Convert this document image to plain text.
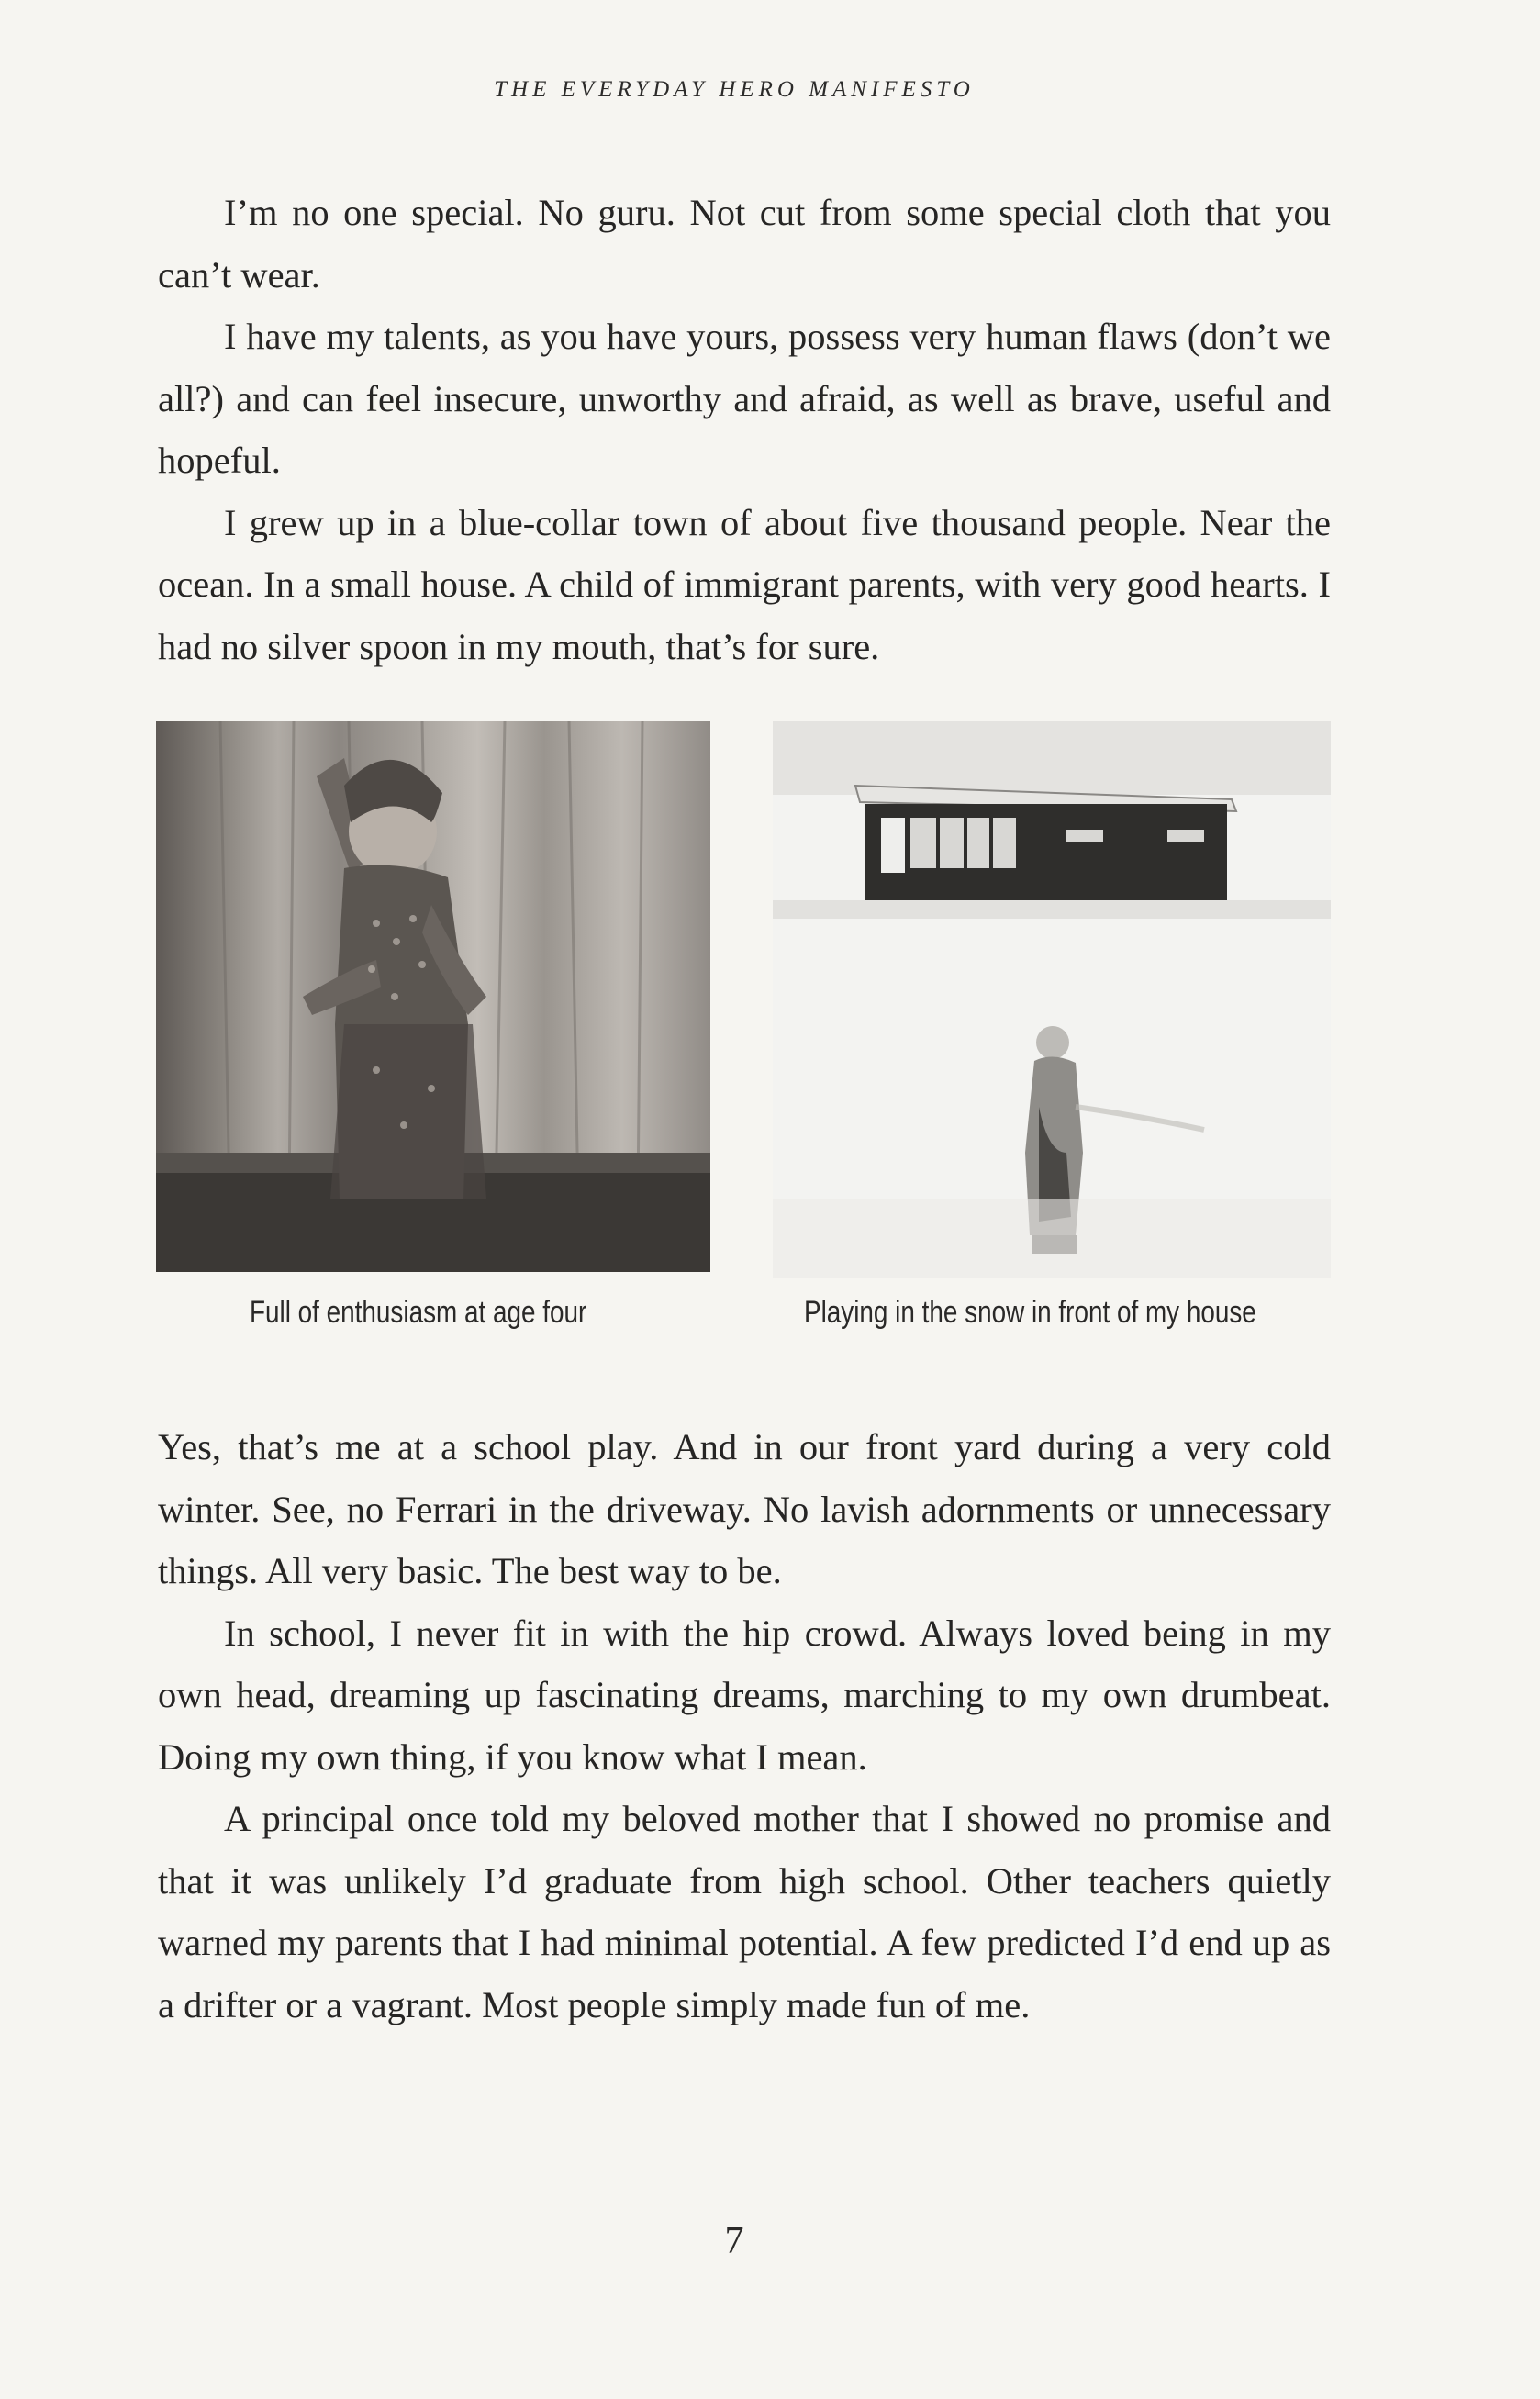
THE EVERYDAY HERO MANIFESTO

I’m no one special. No guru. Not cut from some special cloth that you can’t wear.

I have my talents, as you have yours, possess very human flaws (don’t we all?) and can feel insecure, unworthy and afraid, as well as brave, useful and hopeful.

I grew up in a blue-collar town of about five thousand people. Near the ocean. In a small house. A child of immigrant parents, with very good hearts. I had no silver spoon in my mouth, that’s for sure.

Full of enthusiasm at age four	Playing in the snow in front of my house

Yes, that’s me at a school play. And in our front yard during a very cold winter. See, no Ferrari in the driveway. No lavish adornments or unnecessary things. All very basic. The best way to be.

In school, I never fit in with the hip crowd. Always loved being in my own head, dreaming up fascinating dreams, marching to my own drumbeat. Doing my own thing, if you know what I mean.

A principal once told my beloved mother that I showed no promise and that it was unlikely I’d graduate from high school. Other teachers quietly warned my parents that I had minimal potential. A few predicted I’d end up as a drifter or a vagrant. Most people simply made fun of me.

7
